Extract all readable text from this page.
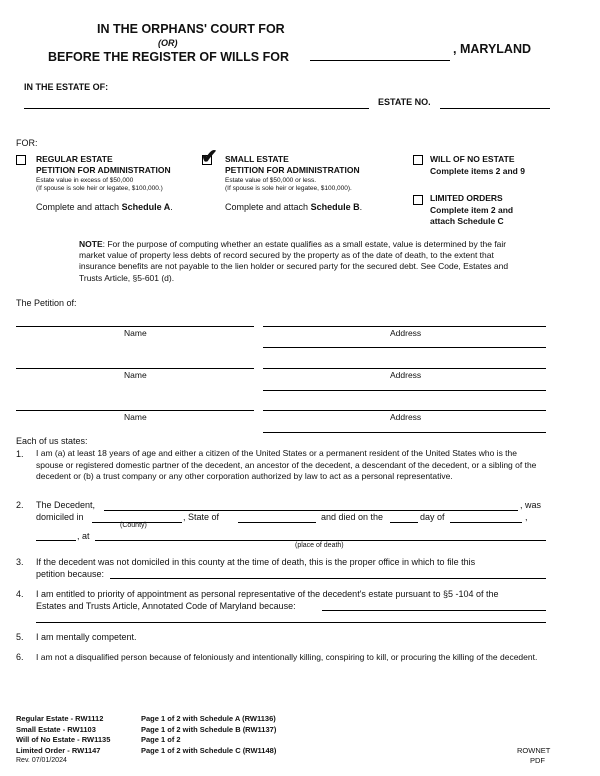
IN THE ORPHANS' COURT FOR
(OR)
BEFORE THE REGISTER OF WILLS FOR
, MARYLAND
IN THE ESTATE OF:
ESTATE NO.
FOR:
REGULAR ESTATE
PETITION FOR ADMINISTRATION
Estate value in excess of $50,000
(If spouse is sole heir or legatee, $100,000.)
Complete and attach Schedule A.
✔ SMALL ESTATE
PETITION FOR ADMINISTRATION
Estate value of $50,000 or less.
(If spouse is sole heir or legatee, $100,000).
Complete and attach Schedule B.
WILL OF NO ESTATE
Complete items 2 and 9
LIMITED ORDERS
Complete item 2 and
attach Schedule C
NOTE: For the purpose of computing whether an estate qualifies as a small estate, value is determined by the fair market value of property less debts of record secured by the property as of the date of death, to the extent that insurance benefits are not payable to the lien holder or secured party for the secured debt. See Code, Estates and Trusts Article, §5-601 (d).
The Petition of:
Name	Address
Name	Address
Name	Address
Each of us states:
1. I am (a) at least 18 years of age and either a citizen of the United States or a permanent resident of the United States who is the spouse or registered domestic partner of the decedent, an ancestor of the decedent, a descendant of the decedent, or a sibling of the decedent or (b) a trust company or any other corporation authorized by law to act as a personal representative.
2. The Decedent,	, was
domiciled in	, State of	and died on the	day of	,
(County)
, at
(place of death)
3. If the decedent was not domiciled in this county at the time of death, this is the proper office in which to file this
petition because:
4. I am entitled to priority of appointment as personal representative of the decedent's estate pursuant to §5 -104 of the
Estates and Trusts Article, Annotated Code of Maryland because:
5. I am mentally competent.
6. I am not a disqualified person because of feloniously and intentionally killing, conspiring to kill, or procuring the killing of the decedent.
Regular Estate - RW1112
Small Estate - RW1103
Will of No Estate - RW1135
Limited Order - RW1147
Page 1 of 2 with Schedule A (RW1136)
Page 1 of 2 with Schedule B (RW1137)
Page 1 of 2
Page 1 of 2 with Schedule C (RW1148)
Rev. 07/01/2024
ROWNET
PDF
